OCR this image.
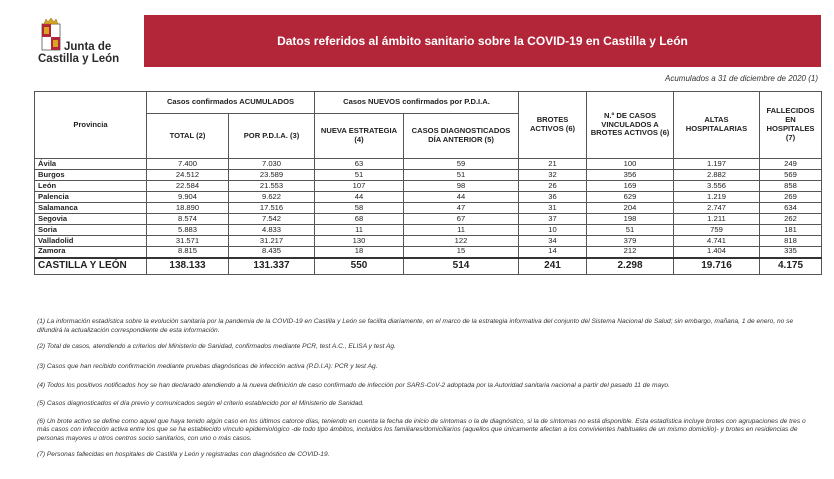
Junta de
Castilla y León
Datos referidos al ámbito sanitario sobre la COVID-19 en Castilla y León
Acumulados a 31 de diciembre de 2020 (1)
Provincia	Casos confirmados ACUMULADOS		Casos NUEVOS confirmados por P.D.I.A.		BROTES ACTIVOS (6)	N.º DE CASOS VINCULADOS A BROTES ACTIVOS (6)	ALTAS HOSPITALARIAS	FALLECIDOS EN HOSPITALES (7)
	TOTAL (2)	POR P.D.I.A. (3)	NUEVA ESTRATEGIA (4)	CASOS DIAGNOSTICADOS DÍA ANTERIOR (5)				
Ávila	7.400	7.030	63	59	21	100	1.197	249
Burgos	24.512	23.589	51	51	32	356	2.882	569
León	22.584	21.553	107	98	26	169	3.556	858
Palencia	9.904	9.622	44	44	36	629	1.219	269
Salamanca	18.890	17.516	58	47	31	204	2.747	634
Segovia	8.574	7.542	68	67	37	198	1.211	262
Soria	5.883	4.833	11	11	10	51	759	181
Valladolid	31.571	31.217	130	122	34	379	4.741	818
Zamora	8.815	8.435	18	15	14	212	1.404	335
CASTILLA Y LEÓN	138.133	131.337	550	514	241	2.298	19.716	4.175

(1) La información estadística sobre la evolución sanitaria por la pandemia de la COVID-19 en Castilla y León se facilita diariamente, en el marco de la estrategia informativa del conjunto del Sistema Nacional de Salud; sin embargo, mañana, 1 de enero, no se difundirá la actualización correspondiente de esta información.

(2) Total de casos, atendiendo a criterios del Ministerio de Sanidad, confirmados mediante PCR, test A.C., ELISA y test Ag.

(3) Casos que han recibido confirmación mediante pruebas diagnósticas de infección activa (P.D.I.A): PCR y test Ag.

(4) Todos los positivos notificados hoy se han declarado atendiendo a la nueva definición de caso confirmado de infección por SARS-CoV-2 adoptada por la Autoridad sanitaria nacional a partir del pasado 11 de mayo.

(5) Casos diagnosticados el día previo y comunicados según el criterio establecido por el Ministerio de Sanidad.

(6) Un brote activo se define como aquel que haya tenido algún caso en los últimos catorce días, teniendo en cuenta la fecha de inicio de síntomas o la de diagnóstico, si la de síntomas no está disponible. Esta estadística incluye brotes con agrupaciones de tres o más casos con infección activa entre los que se ha establecido vínculo epidemiológico -de todo tipo ámbitos, incluidos los familiares/domiciliarios (aquellos que únicamente afectan a los convivientes habituales de un mismo domicilio)- y brotes en residencias de personas mayores u otros centros socio sanitarios, con uno o más casos.

(7) Personas fallecidas en hospitales de Castilla y León y registradas con diagnóstico de COVID-19.
